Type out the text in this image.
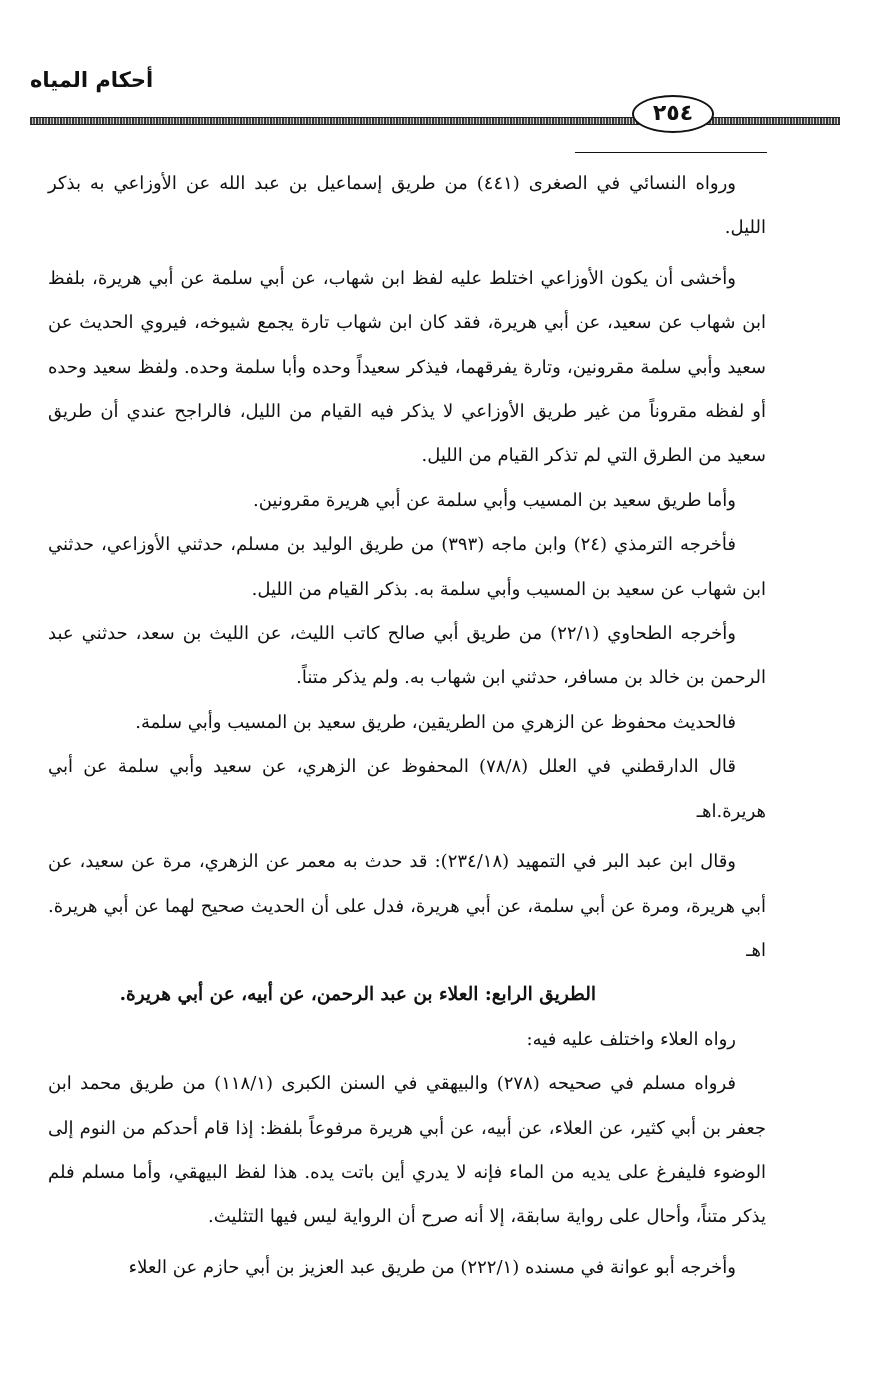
أحكام المياه
٢٥٤

ورواه النسائي في الصغرى (٤٤١) من طريق إسماعيل بن عبد الله عن الأوزاعي به بذكر الليل.

وأخشى أن يكون الأوزاعي اختلط عليه لفظ ابن شهاب، عن أبي سلمة عن أبي هريرة، بلفظ ابن شهاب عن سعيد، عن أبي هريرة، فقد كان ابن شهاب تارة يجمع شيوخه، فيروي الحديث عن سعيد وأبي سلمة مقرونين، وتارة يفرقهما، فيذكر سعيداً وحده وأبا سلمة وحده. ولفظ سعيد وحده أو لفظه مقروناً من غير طريق الأوزاعي لا يذكر فيه القيام من الليل، فالراجح عندي أن طريق سعيد من الطرق التي لم تذكر القيام من الليل.

وأما طريق سعيد بن المسيب وأبي سلمة عن أبي هريرة مقرونين.

فأخرجه الترمذي (٢٤) وابن ماجه (٣٩٣) من طريق الوليد بن مسلم، حدثني الأوزاعي، حدثني ابن شهاب عن سعيد بن المسيب وأبي سلمة به. بذكر القيام من الليل.

وأخرجه الطحاوي (٢٢/١) من طريق أبي صالح كاتب الليث، عن الليث بن سعد، حدثني عبد الرحمن بن خالد بن مسافر، حدثني ابن شهاب به. ولم يذكر متناً.

فالحديث محفوظ عن الزهري من الطريقين، طريق سعيد بن المسيب وأبي سلمة.

قال الدارقطني في العلل (٧٨/٨) المحفوظ عن الزهري، عن سعيد وأبي سلمة عن أبي هريرة.اهـ

وقال ابن عبد البر في التمهيد (٢٣٤/١٨): قد حدث به معمر عن الزهري، مرة عن سعيد، عن أبي هريرة، ومرة عن أبي سلمة، عن أبي هريرة، فدل على أن الحديث صحيح لهما عن أبي هريرة. اهـ

الطريق الرابع: العلاء بن عبد الرحمن، عن أبيه، عن أبي هريرة.

رواه العلاء واختلف عليه فيه:

فرواه مسلم في صحيحه (٢٧٨) والبيهقي في السنن الكبرى (١١٨/١) من طريق محمد ابن جعفر بن أبي كثير، عن العلاء، عن أبيه، عن أبي هريرة مرفوعاً بلفظ: إذا قام أحدكم من النوم إلى الوضوء فليفرغ على يديه من الماء فإنه لا يدري أين باتت يده. هذا لفظ البيهقي، وأما مسلم فلم يذكر متناً، وأحال على رواية سابقة، إلا أنه صرح أن الرواية ليس فيها التثليث.

وأخرجه أبو عوانة في مسنده (٢٢٢/١) من طريق عبد العزيز بن أبي حازم عن العلاء
